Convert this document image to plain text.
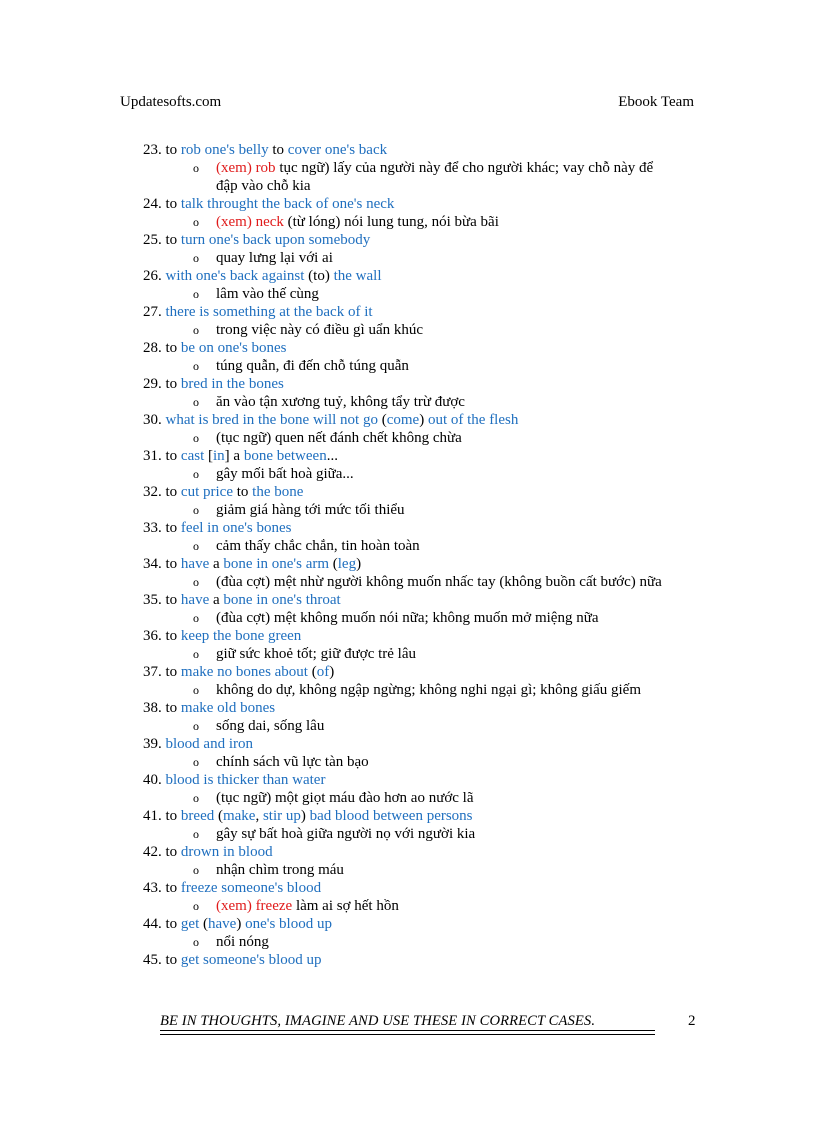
Updatesofts.com	Ebook Team
23. to rob one's belly to cover one's back
o (xem) rob tục ngữ) lấy của người này để cho người khác; vay chỗ này để
đập vào chỗ kia
24. to talk throught the back of one's neck
o (xem) neck (từ lóng) nói lung tung, nói bừa bãi
25. to turn one's back upon somebody
o quay lưng lại với ai
26. with one's back against (to) the wall
o lâm vào thế cùng
27. there is something at the back of it
o trong việc này có điều gì uẩn khúc
28. to be on one's bones
o túng quẫn, đi đến chỗ túng quẫn
29. to bred in the bones
o ăn vào tận xương tuỷ, không tẩy trừ được
30. what is bred in the bone will not go (come) out of the flesh
o (tục ngữ) quen nết đánh chết không chừa
31. to cast [in] a bone between...
o gây mối bất hoà giữa...
32. to cut price to the bone
o giảm giá hàng tới mức tối thiểu
33. to feel in one's bones
o cảm thấy chắc chắn, tin hoàn toàn
34. to have a bone in one's arm (leg)
o (đùa cợt) mệt nhừ người không muốn nhấc tay (không buồn cất bước) nữa
35. to have a bone in one's throat
o (đùa cợt) mệt không muốn nói nữa; không muốn mở miệng nữa
36. to keep the bone green
o giữ sức khoẻ tốt; giữ được trẻ lâu
37. to make no bones about (of)
o không do dự, không ngập ngừng; không nghi ngại gì; không giấu giếm
38. to make old bones
o sống dai, sống lâu
39. blood and iron
o chính sách vũ lực tàn bạo
40. blood is thicker than water
o (tục ngữ) một giọt máu đào hơn ao nước lã
41. to breed (make, stir up) bad blood between persons
o gây sự bất hoà giữa người nọ với người kia
42. to drown in blood
o nhận chìm trong máu
43. to freeze someone's blood
o (xem) freeze làm ai sợ hết hồn
44. to get (have) one's blood up
o nổi nóng
45. to get someone's blood up
BE IN THOUGHTS, IMAGINE AND USE THESE IN CORRECT CASES.	2
